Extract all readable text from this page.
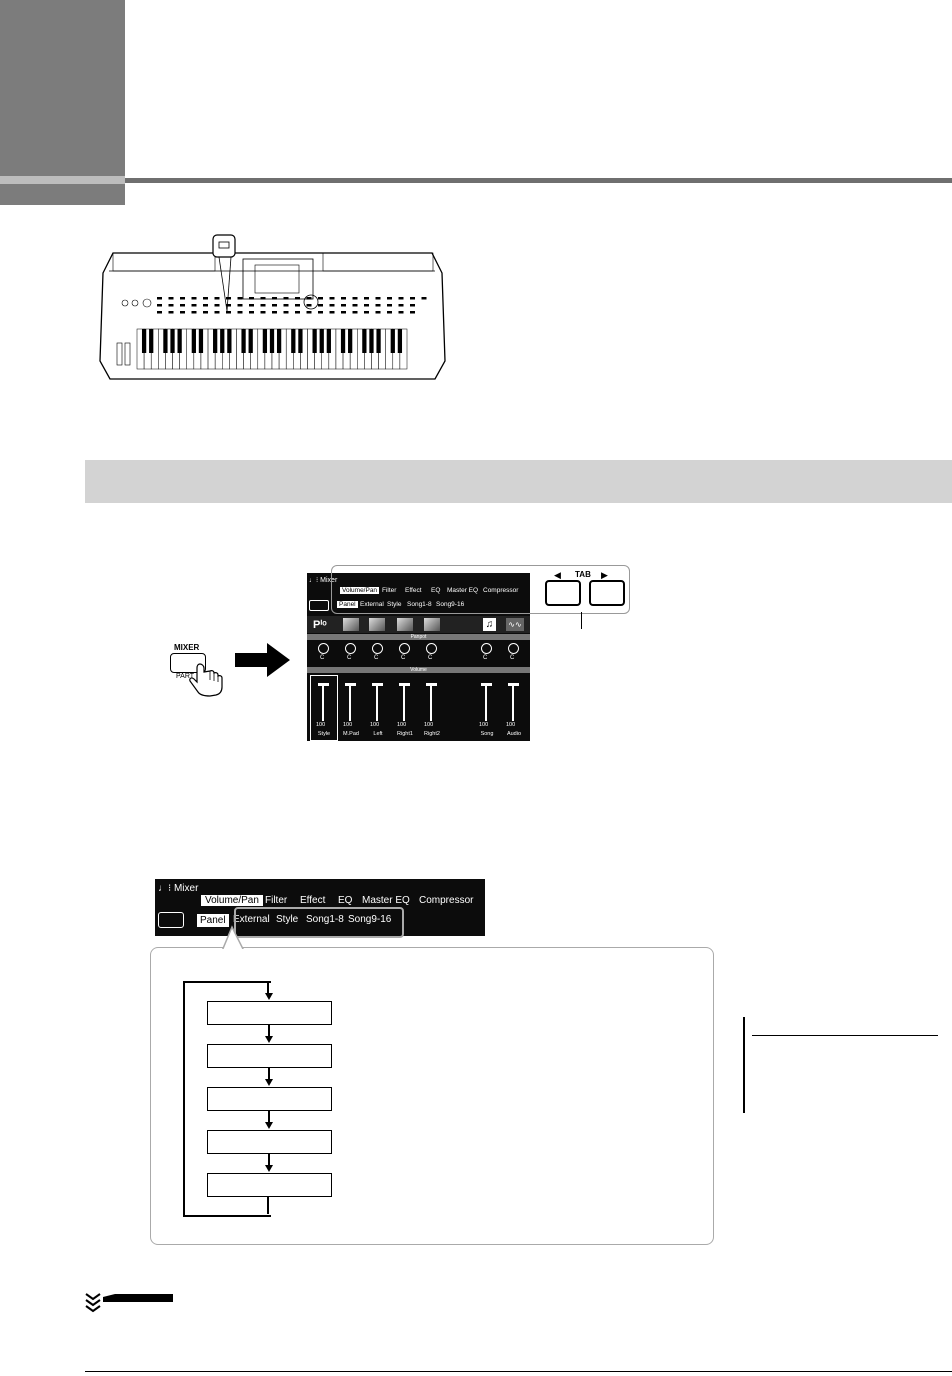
MIXER
PART
♩⁝ Mixer
Volume/Pan Filter Effect EQ Master EQ Compressor
Panel External Style Song1-8 Song9-16
Pⁱᵒ	♫	∿∿
Panpot
C	C	C	C	C	C	C
Volume
100
Style
100
M.Pad
100
Left
100
Right1
100
Right2
100
Song
100
Audio
◀ TAB ▶
♩⁝ Mixer
Volume/Pan Filter Effect EQ Master EQ Compressor
Panel External Style Song1-8 Song9-16
